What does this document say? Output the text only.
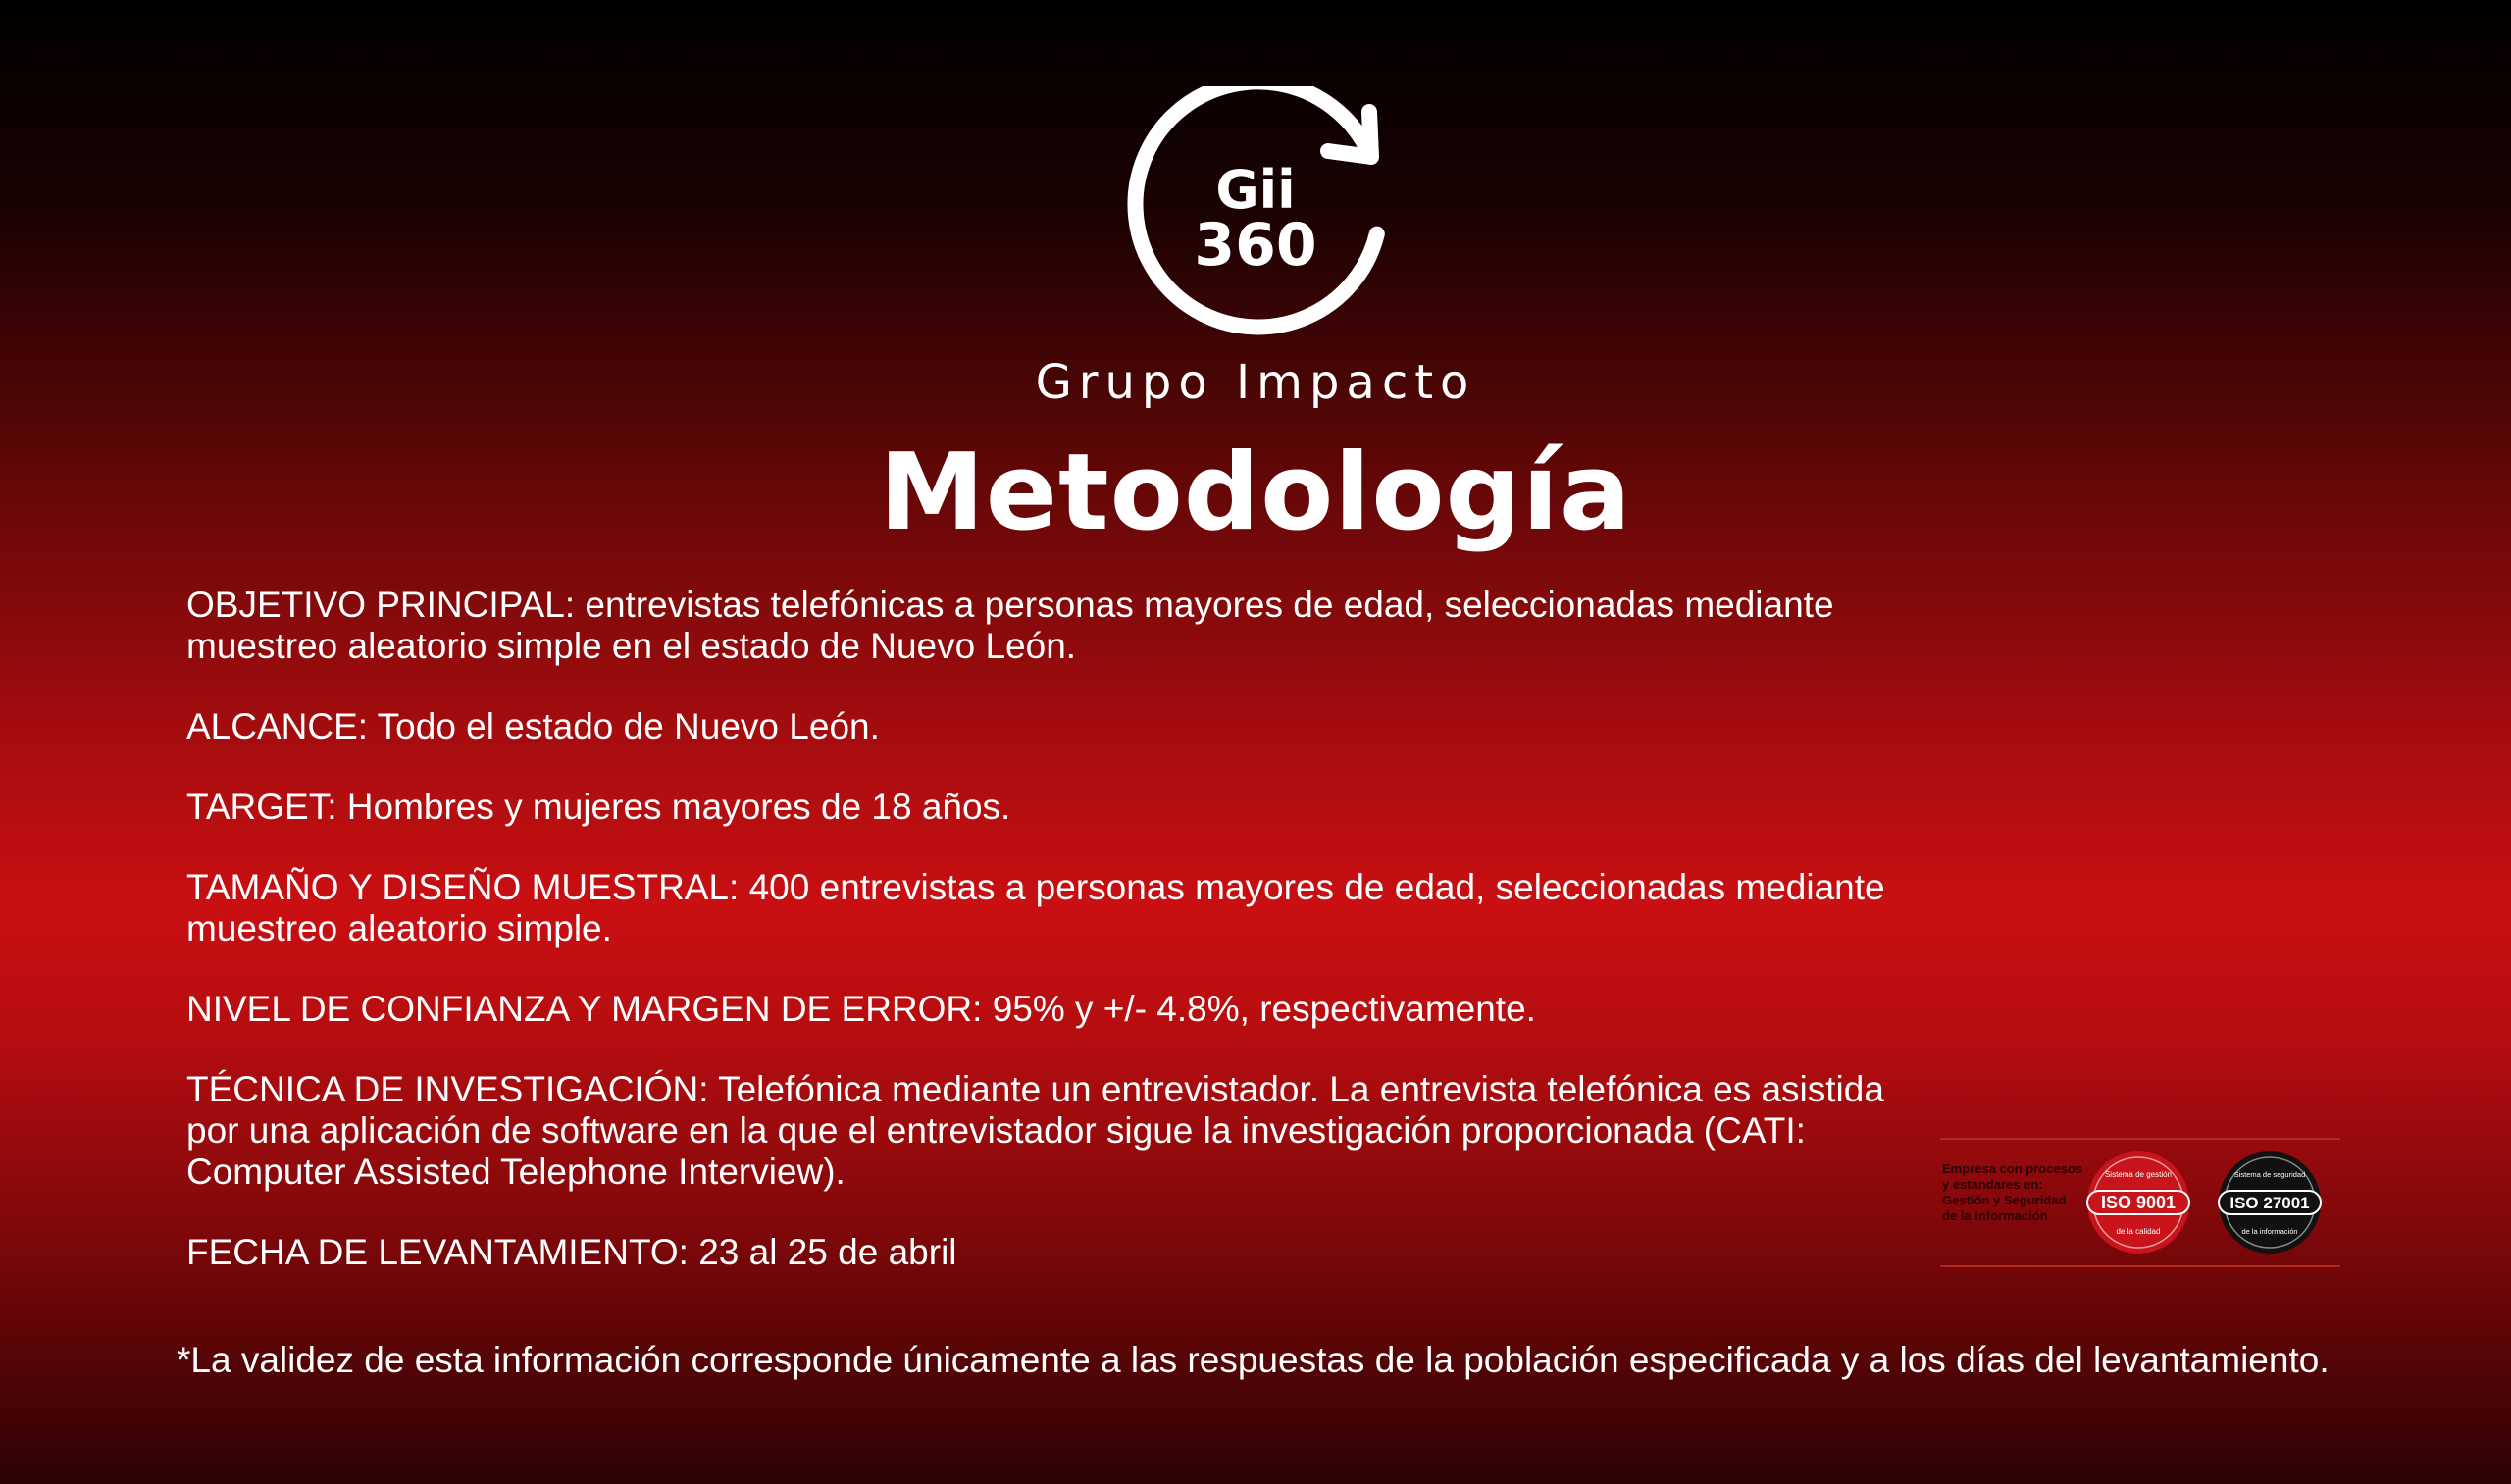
Gii
360
Grupo Impacto
Metodología

OBJETIVO PRINCIPAL: entrevistas telefónicas a personas mayores de edad, seleccionadas mediante muestreo aleatorio simple en el estado de Nuevo León.

ALCANCE: Todo el estado de Nuevo León.

TARGET: Hombres y mujeres mayores de 18 años.

TAMAÑO Y DISEÑO MUESTRAL: 400 entrevistas a personas mayores de edad, seleccionadas mediante muestreo aleatorio simple.

NIVEL DE CONFIANZA Y MARGEN DE ERROR: 95% y +/- 4.8%, respectivamente.

TÉCNICA DE INVESTIGACIÓN: Telefónica mediante un entrevistador. La entrevista telefónica es asistida por una aplicación de software en la que el entrevistador sigue la investigación proporcionada (CATI: Computer Assisted Telephone Interview).

FECHA DE LEVANTAMIENTO: 23 al 25 de abril

Empresa con procesos
y estandares en:
Gestión y Seguridad
de la información
ISO 9001
Sistema de gestión
de la calidad
ISO 27001
Sistema de seguridad
de la información
*La validez de esta información corresponde únicamente a las respuestas de la población especificada y a los días del levantamiento.
